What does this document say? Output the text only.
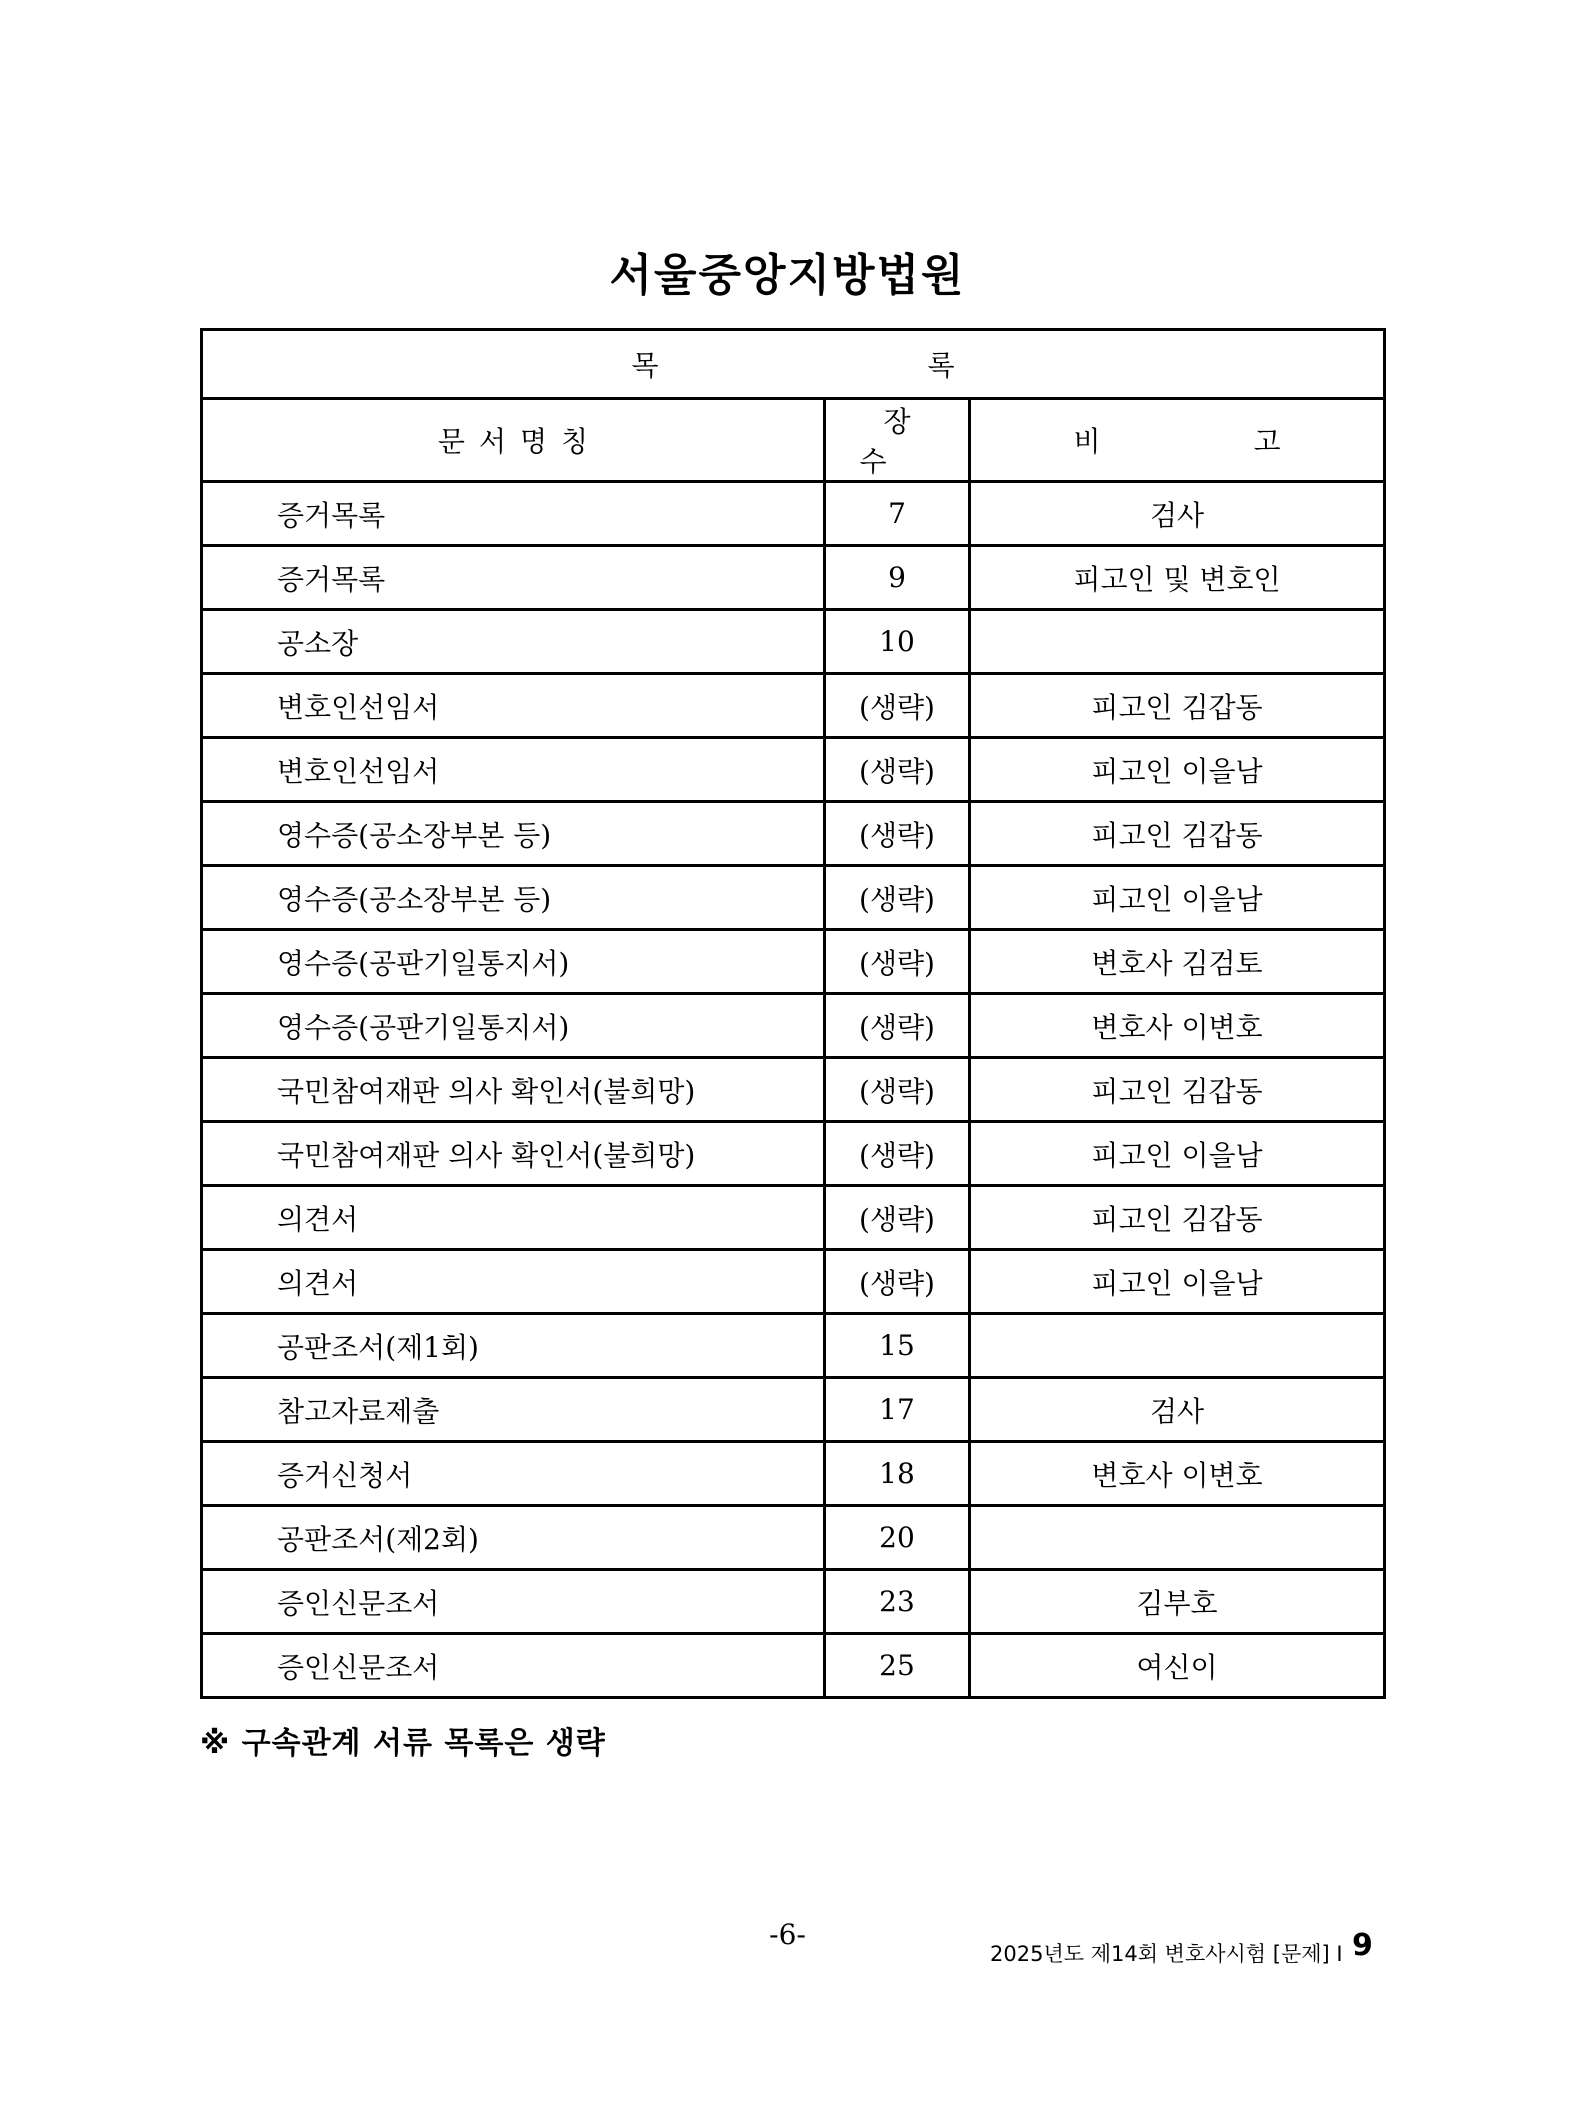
서울중앙지방법원
목 록		
문서명칭	장 수	비 고
증거목록	7	검사
증거목록	9	피고인 및 변호인
공소장	10	
변호인선임서	(생략)	피고인 김갑동
변호인선임서	(생략)	피고인 이을남
영수증(공소장부본 등)	(생략)	피고인 김갑동
영수증(공소장부본 등)	(생략)	피고인 이을남
영수증(공판기일통지서)	(생략)	변호사 김검토
영수증(공판기일통지서)	(생략)	변호사 이변호
국민참여재판 의사 확인서(불희망)	(생략)	피고인 김갑동
국민참여재판 의사 확인서(불희망)	(생략)	피고인 이을남
의견서	(생략)	피고인 김갑동
의견서	(생략)	피고인 이을남
공판조서(제1회)	15	
참고자료제출	17	검사
증거신청서	18	변호사 이변호
공판조서(제2회)	20	
증인신문조서	23	김부호
증인신문조서	25	여신이
※ 구속관계 서류 목록은 생략
-6-
2025년도 제14회 변호사시험 [문제] Ⅰ 9
